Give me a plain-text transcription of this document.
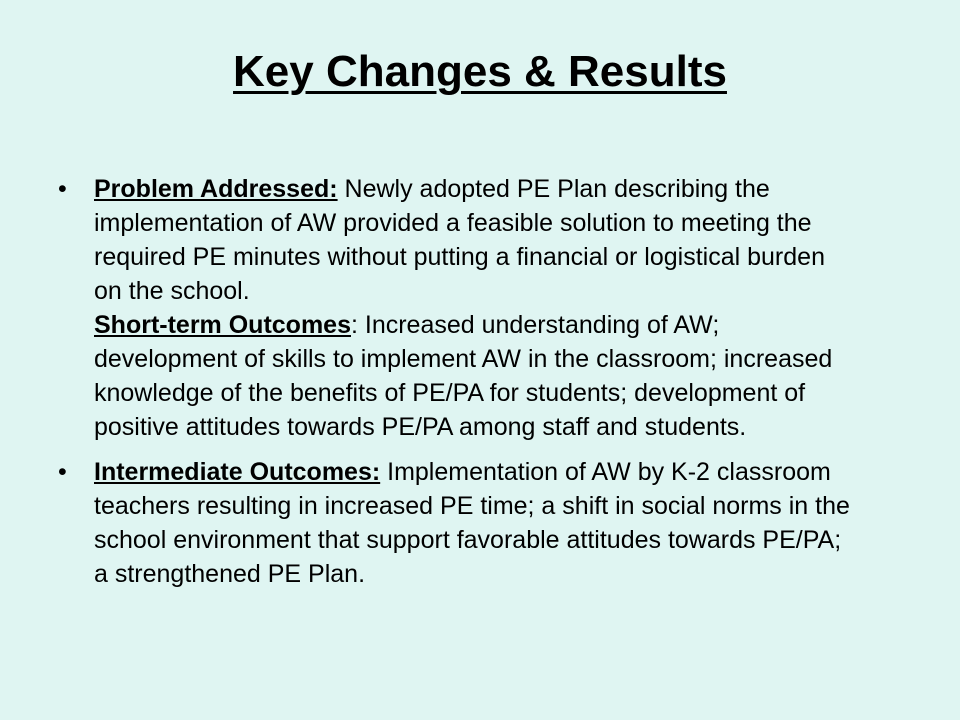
Key Changes & Results
•	Problem Addressed: Newly adopted PE Plan describing the implementation of AW provided a feasible solution to meeting the required PE minutes without putting a financial or logistical burden on the school.
Short-term Outcomes: Increased understanding of AW; development of skills to implement AW in the classroom; increased knowledge of the benefits of PE/PA for students; development of positive attitudes towards PE/PA among staff and students.
•	Intermediate Outcomes: Implementation of AW by K-2 classroom teachers resulting in increased PE time; a shift in social norms in the school environment that support favorable attitudes towards PE/PA; a strengthened PE Plan.
